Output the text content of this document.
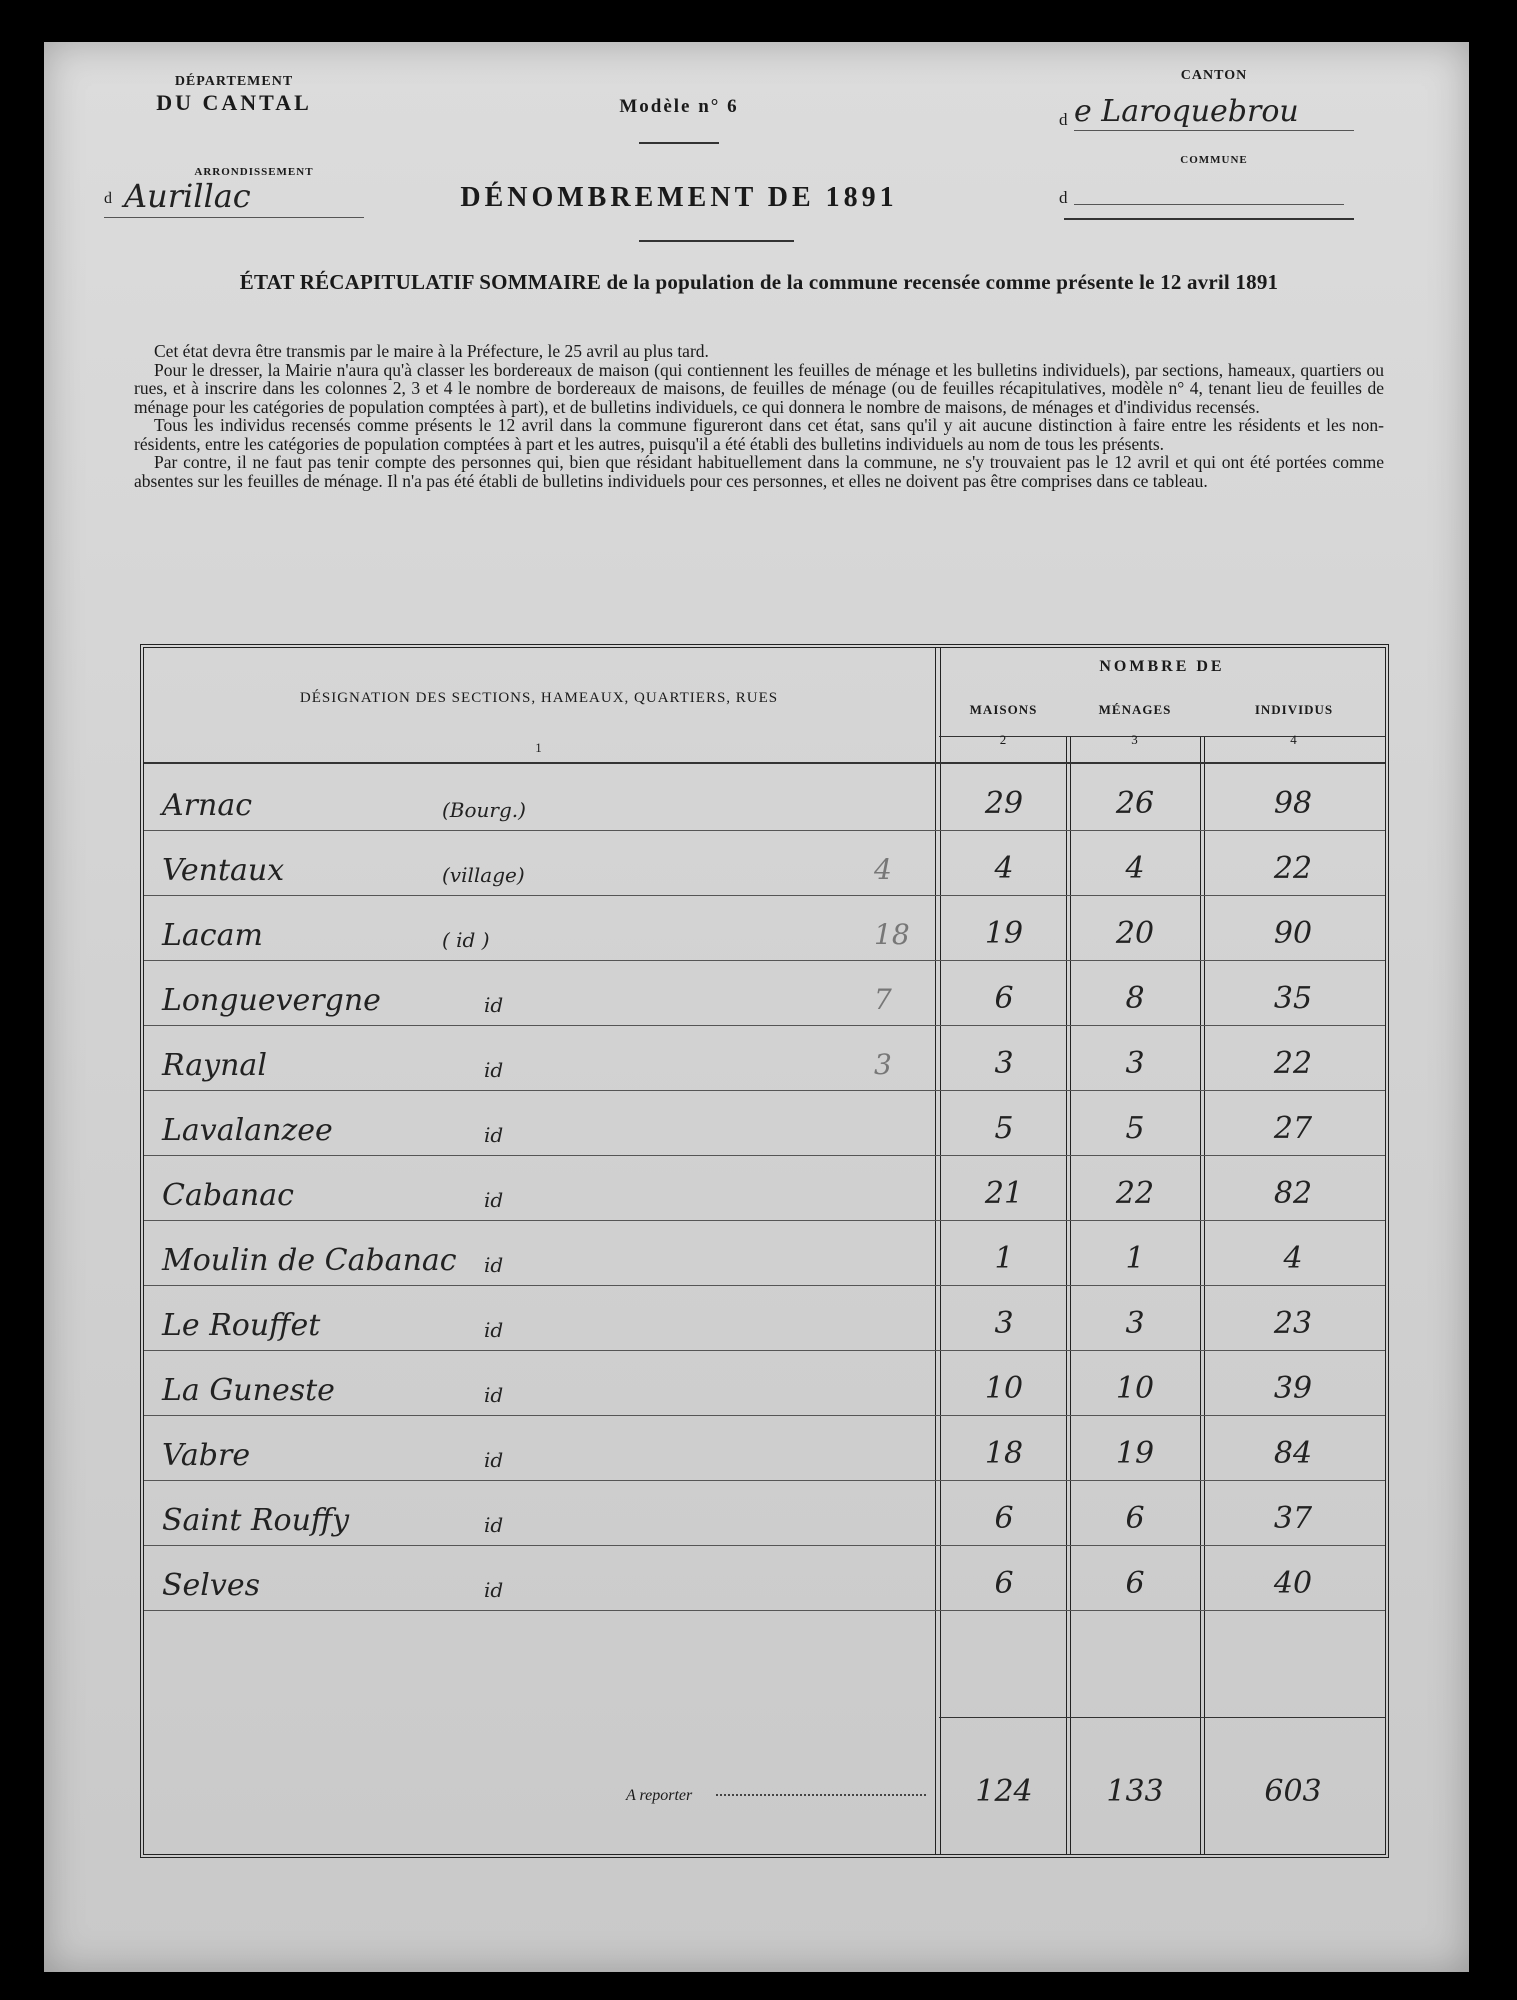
DÉPARTEMENT
DU CANTAL
ARRONDISSEMENT
d Aurillac
Modèle n° 6
DÉNOMBREMENT DE 1891
ÉTAT RÉCAPITULATIF SOMMAIRE de la population de la commune recensée comme présente le 12 avril 1891
CANTON
d e Laroquebrou
COMMUNE
d

Cet état devra être transmis par le maire à la Préfecture, le 25 avril au plus tard.

Pour le dresser, la Mairie n'aura qu'à classer les bordereaux de maison (qui contiennent les feuilles de ménage et les bulletins individuels), par sections, hameaux, quartiers ou rues, et à inscrire dans les colonnes 2, 3 et 4 le nombre de bordereaux de maisons, de feuilles de ménage (ou de feuilles récapitulatives, modèle n° 4, tenant lieu de feuilles de ménage pour les catégories de population comptées à part), et de bulletins individuels, ce qui donnera le nombre de maisons, de ménages et d'individus recensés.

Tous les individus recensés comme présents le 12 avril dans la commune figureront dans cet état, sans qu'il y ait aucune distinction à faire entre les résidents et les non-résidents, entre les catégories de population comptées à part et les autres, puisqu'il a été établi des bulletins individuels au nom de tous les présents.

Par contre, il ne faut pas tenir compte des personnes qui, bien que résidant habituellement dans la commune, ne s'y trouvaient pas le 12 avril et qui ont été portées comme absentes sur les feuilles de ménage. Il n'a pas été établi de bulletins individuels pour ces personnes, et elles ne doivent pas être comprises dans ce tableau.

DÉSIGNATION DES SECTIONS, HAMEAUX, QUARTIERS, RUES
1
NOMBRE DE
MAISONS
2
MÉNAGES
3
INDIVIDUS
4
Arnac	(Bourg.)	29	26	98
Ventaux	(village)	4	4	4	22
Lacam	( id )	18	19	20	90
Longuevergne	id	7	6	8	35
Raynal	id	3	3	3	22
Lavalanzee	id	5	5	27
Cabanac	id	21	22	82
Moulin de Cabanac id	1	1	4
Le Rouffet	id	3	3	23
La Guneste	id	10	10	39
Vabre	id	18	19	84
Saint Rouffy	id	6	6	37
Selves	id	6	6	40
A reporter	124	133	603
